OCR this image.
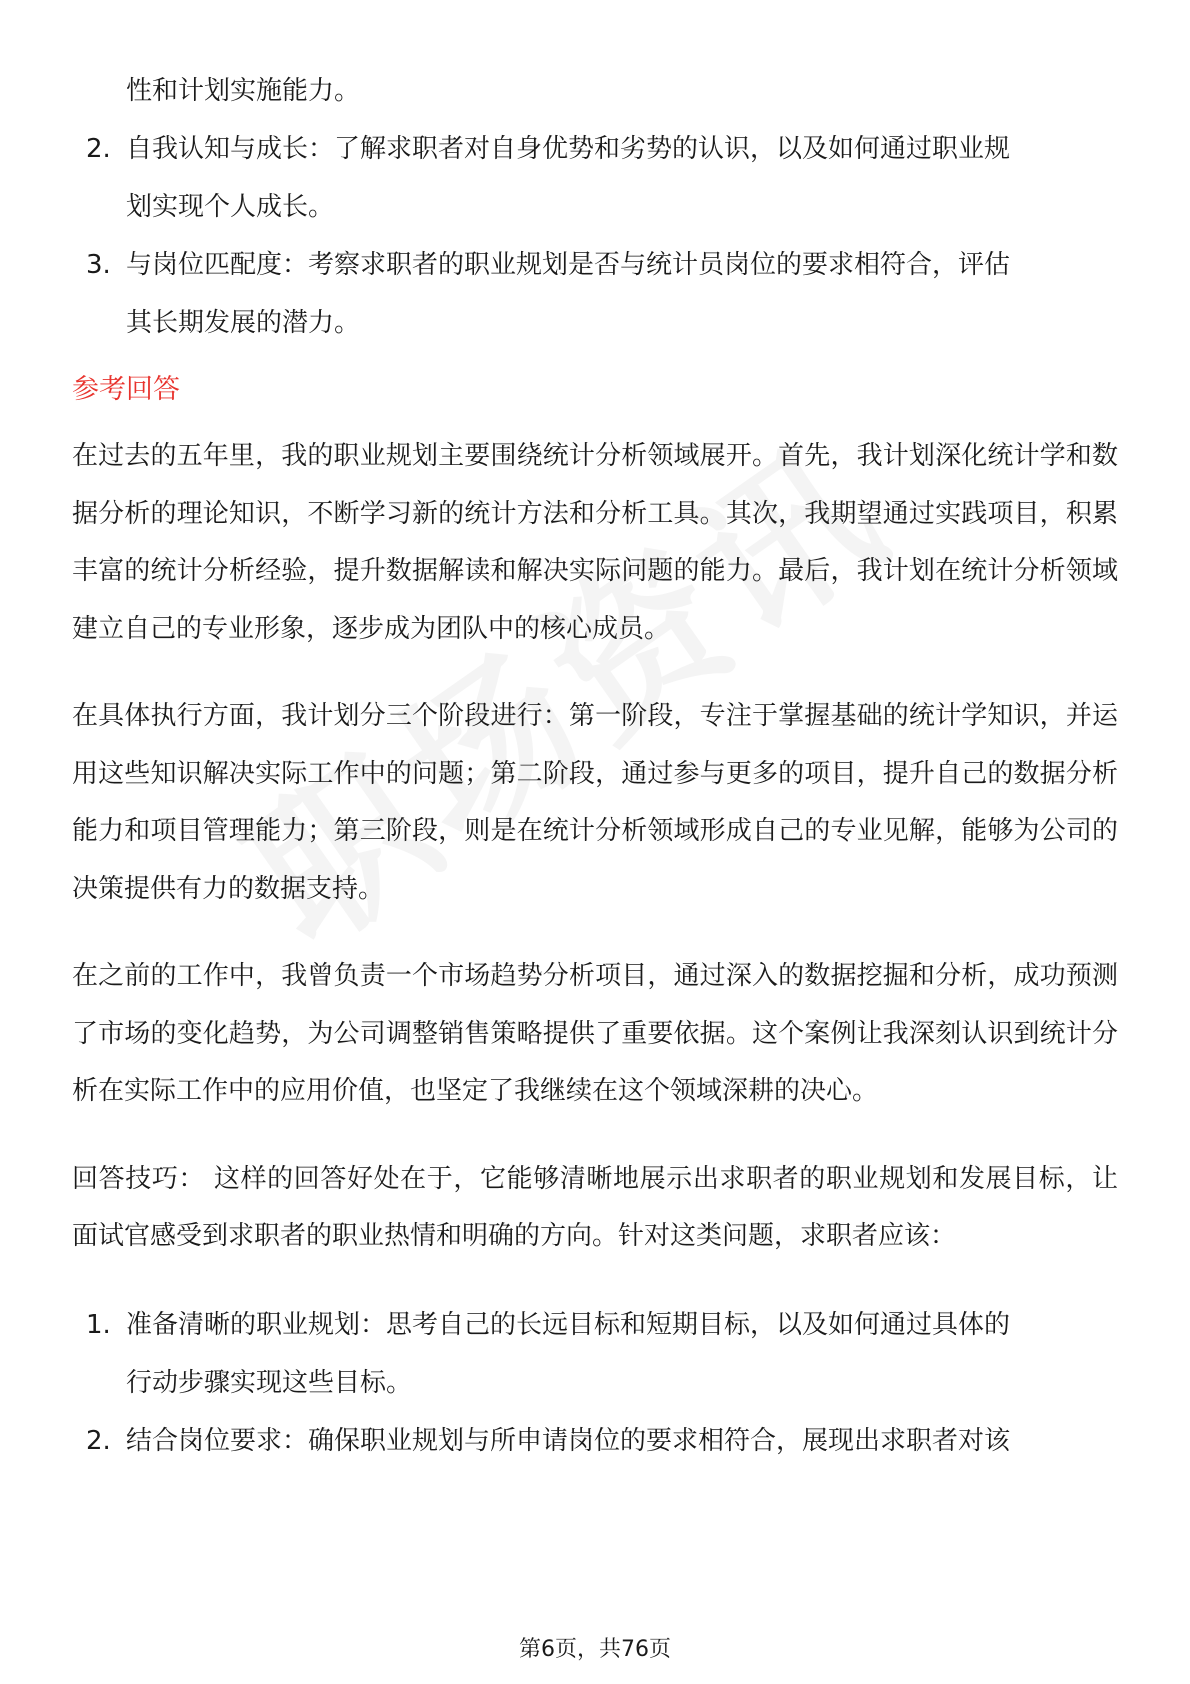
性和计划实施能力。
2. 自我认知与成长：了解求职者对自身优势和劣势的认识，以及如何通过职业规
划实现个人成长。
3. 与岗位匹配度：考察求职者的职业规划是否与统计员岗位的要求相符合，评估
其长期发展的潜力。
参考回答

在过去的五年里，我的职业规划主要围绕统计分析领域展开。首先，我计划深化统计学和数据分析的理论知识，不断学习新的统计方法和分析工具。其次，我期望通过实践项目，积累丰富的统计分析经验，提升数据解读和解决实际问题的能力。最后，我计划在统计分析领域建立自己的专业形象，逐步成为团队中的核心成员。

在具体执行方面，我计划分三个阶段进行：第一阶段，专注于掌握基础的统计学知识，并运用这些知识解决实际工作中的问题；第二阶段，通过参与更多的项目，提升自己的数据分析能力和项目管理能力；第三阶段，则是在统计分析领域形成自己的专业见解，能够为公司的决策提供有力的数据支持。

在之前的工作中，我曾负责一个市场趋势分析项目，通过深入的数据挖掘和分析，成功预测了市场的变化趋势，为公司调整销售策略提供了重要依据。这个案例让我深刻认识到统计分析在实际工作中的应用价值，也坚定了我继续在这个领域深耕的决心。

回答技巧： 这样的回答好处在于，它能够清晰地展示出求职者的职业规划和发展目标，让面试官感受到求职者的职业热情和明确的方向。针对这类问题，求职者应该：

1. 准备清晰的职业规划：思考自己的长远目标和短期目标，以及如何通过具体的
行动步骤实现这些目标。
2. 结合岗位要求：确保职业规划与所申请岗位的要求相符合，展现出求职者对该
第6页，共76页
